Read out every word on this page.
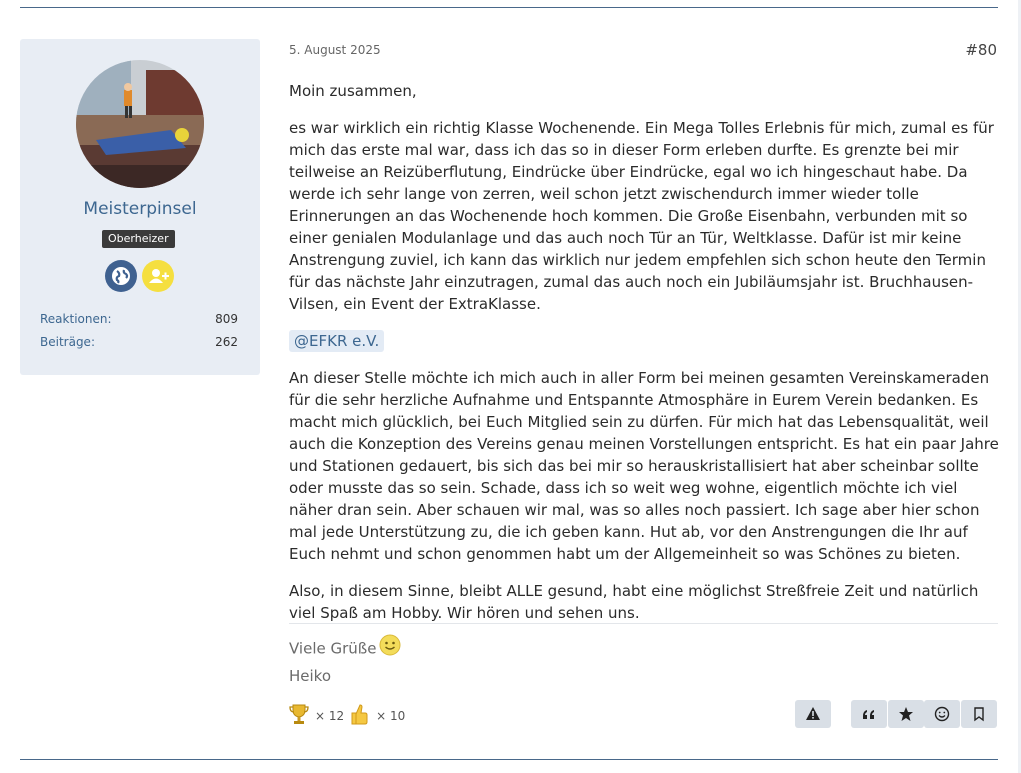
Meisterpinsel
Oberheizer
Reaktionen:	809
Beiträge:	262
5. August 2025	#80

Moin zusammen,

es war wirklich ein richtig Klasse Wochenende. Ein Mega Tolles Erlebnis für mich, zumal es für mich das erste mal war, dass ich das so in dieser Form erleben durfte. Es grenzte bei mir teilweise an Reizüberflutung, Eindrücke über Eindrücke, egal wo ich hingeschaut habe. Da werde ich sehr lange von zerren, weil schon jetzt zwischendurch immer wieder tolle Erinnerungen an das Wochenende hoch kommen. Die Große Eisenbahn, verbunden mit so einer genialen Modulanlage und das auch noch Tür an Tür, Weltklasse. Dafür ist mir keine Anstrengung zuviel, ich kann das wirklich nur jedem empfehlen sich schon heute den Termin für das nächste Jahr einzutragen, zumal das auch noch ein Jubiläumsjahr ist. Bruchhausen-Vilsen, ein Event der ExtraKlasse.

@EFKR e.V.

An dieser Stelle möchte ich mich auch in aller Form bei meinen gesamten Vereinskameraden für die sehr herzliche Aufnahme und Entspannte Atmosphäre in Eurem Verein bedanken. Es macht mich glücklich, bei Euch Mitglied sein zu dürfen. Für mich hat das Lebensqualität, weil auch die Konzeption des Vereins genau meinen Vorstellungen entspricht. Es hat ein paar Jahre und Stationen gedauert, bis sich das bei mir so herauskristallisiert hat aber scheinbar sollte oder musste das so sein. Schade, dass ich so weit weg wohne, eigentlich möchte ich viel näher dran sein. Aber schauen wir mal, was so alles noch passiert. Ich sage aber hier schon mal jede Unterstützung zu, die ich geben kann. Hut ab, vor den Anstrengungen die Ihr auf Euch nehmt und schon genommen habt um der Allgemeinheit so was Schönes zu bieten.

Also, in diesem Sinne, bleibt ALLE gesund, habt eine möglichst Streßfreie Zeit und natürlich viel Spaß am Hobby. Wir hören und sehen uns.

Viele Grüße
Heiko
× 12	× 10
